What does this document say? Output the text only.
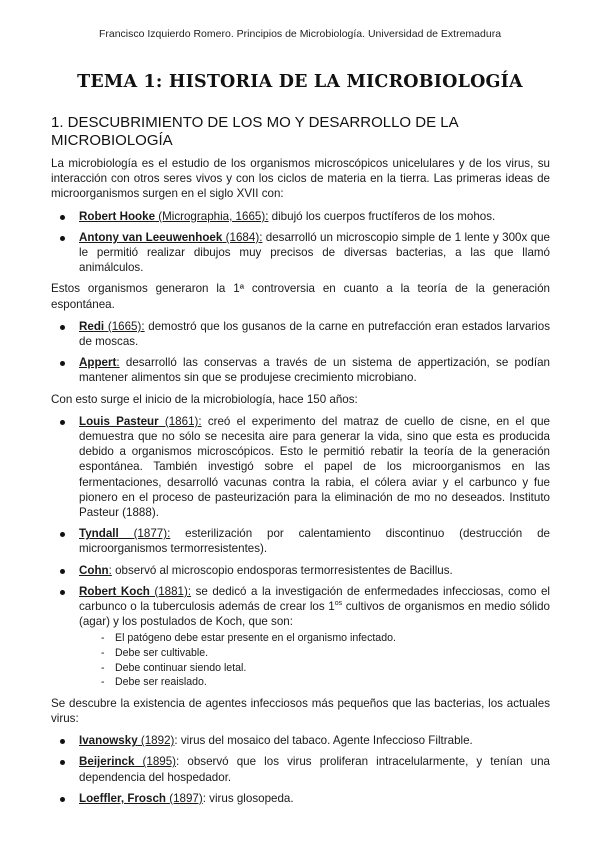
Francisco Izquierdo Romero. Principios de Microbiología. Universidad de Extremadura
TEMA 1: HISTORIA DE LA MICROBIOLOGÍA
1. DESCUBRIMIENTO DE LOS MO Y DESARROLLO DE LA MICROBIOLOGÍA

La microbiología es el estudio de los organismos microscópicos unicelulares y de los virus, su interacción con otros seres vivos y con los ciclos de materia en la tierra. Las primeras ideas de microorganismos surgen en el siglo XVII con:

Robert Hooke (Micrographia, 1665): dibujó los cuerpos fructíferos de los mohos.
Antony van Leeuwenhoek (1684): desarrolló un microscopio simple de 1 lente y 300x que le permitió realizar dibujos muy precisos de diversas bacterias, a las que llamó animálculos.

Estos organismos generaron la 1ª controversia en cuanto a la teoría de la generación espontánea.

Redi (1665): demostró que los gusanos de la carne en putrefacción eran estados larvarios de moscas.
Appert: desarrolló las conservas a través de un sistema de appertización, se podían mantener alimentos sin que se produjese crecimiento microbiano.

Con esto surge el inicio de la microbiología, hace 150 años:

Louis Pasteur (1861): creó el experimento del matraz de cuello de cisne, en el que demuestra que no sólo se necesita aire para generar la vida, sino que esta es producida debido a organismos microscópicos. Esto le permitió rebatir la teoría de la generación espontánea. También investigó sobre el papel de los microorganismos en las fermentaciones, desarrolló vacunas contra la rabia, el cólera aviar y el carbunco y fue pionero en el proceso de pasteurización para la eliminación de mo no deseados. Instituto Pasteur (1888).
Tyndall (1877): esterilización por calentamiento discontinuo (destrucción de microorganismos termorresistentes).
Cohn: observó al microscopio endosporas termorresistentes de Bacillus.
Robert Koch (1881): se dedicó a la investigación de enfermedades infecciosas, como el carbunco o la tuberculosis además de crear los $1^{os}$ cultivos de organismos en medio sólido (agar) y los postulados de Koch, que son:
- El patógeno debe estar presente en el organismo infectado.
- Debe ser cultivable.
- Debe continuar siendo letal.
- Debe ser reaislado.

Se descubre la existencia de agentes infecciosos más pequeños que las bacterias, los actuales virus:

Ivanowsky (1892): virus del mosaico del tabaco. Agente Infeccioso Filtrable.
Beijerinck (1895): observó que los virus proliferan intracelularmente, y tenían una dependencia del hospedador.
Loeffler, Frosch (1897): virus glosopeda.
